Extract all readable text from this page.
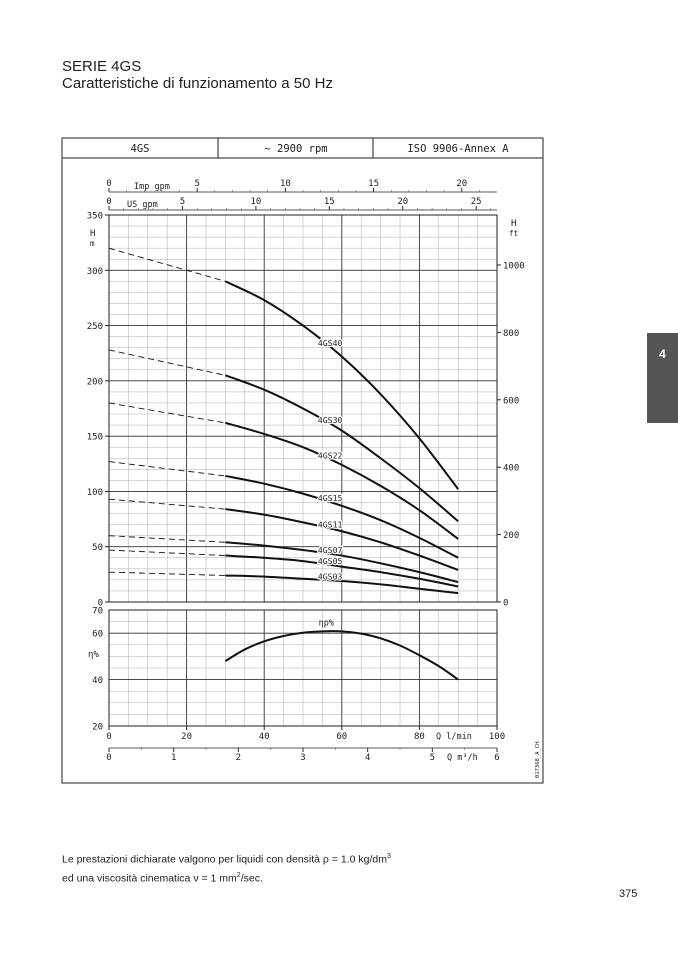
SERIE 4GS
Caratteristiche di funzionamento a 50 Hz
4
4GS	~ 2900 rpm	ISO 9906-Annex A
0
50
100
150
200
250
300
350
H
m
0
200
400
600
800
1000
H
ft
0	5	10	15	20
0	5	10	15	20	25
Imp gpm
US gpm
20
40
60
70
η%
0	20	40	60	80 Q l/min 100
0	1	2	3	4	5 Q m³/h 6	017368_A_CH
4GS40
4GS30
4GS22
4GS15
4GS11
4GS07
4GS05
4GS03
ηp%
Le prestazioni dichiarate valgono per liquidi con densità ρ = 1.0 $kg/dm^3$
ed una viscosità cinematica ν = 1 $mm^2/\sec$.
375
